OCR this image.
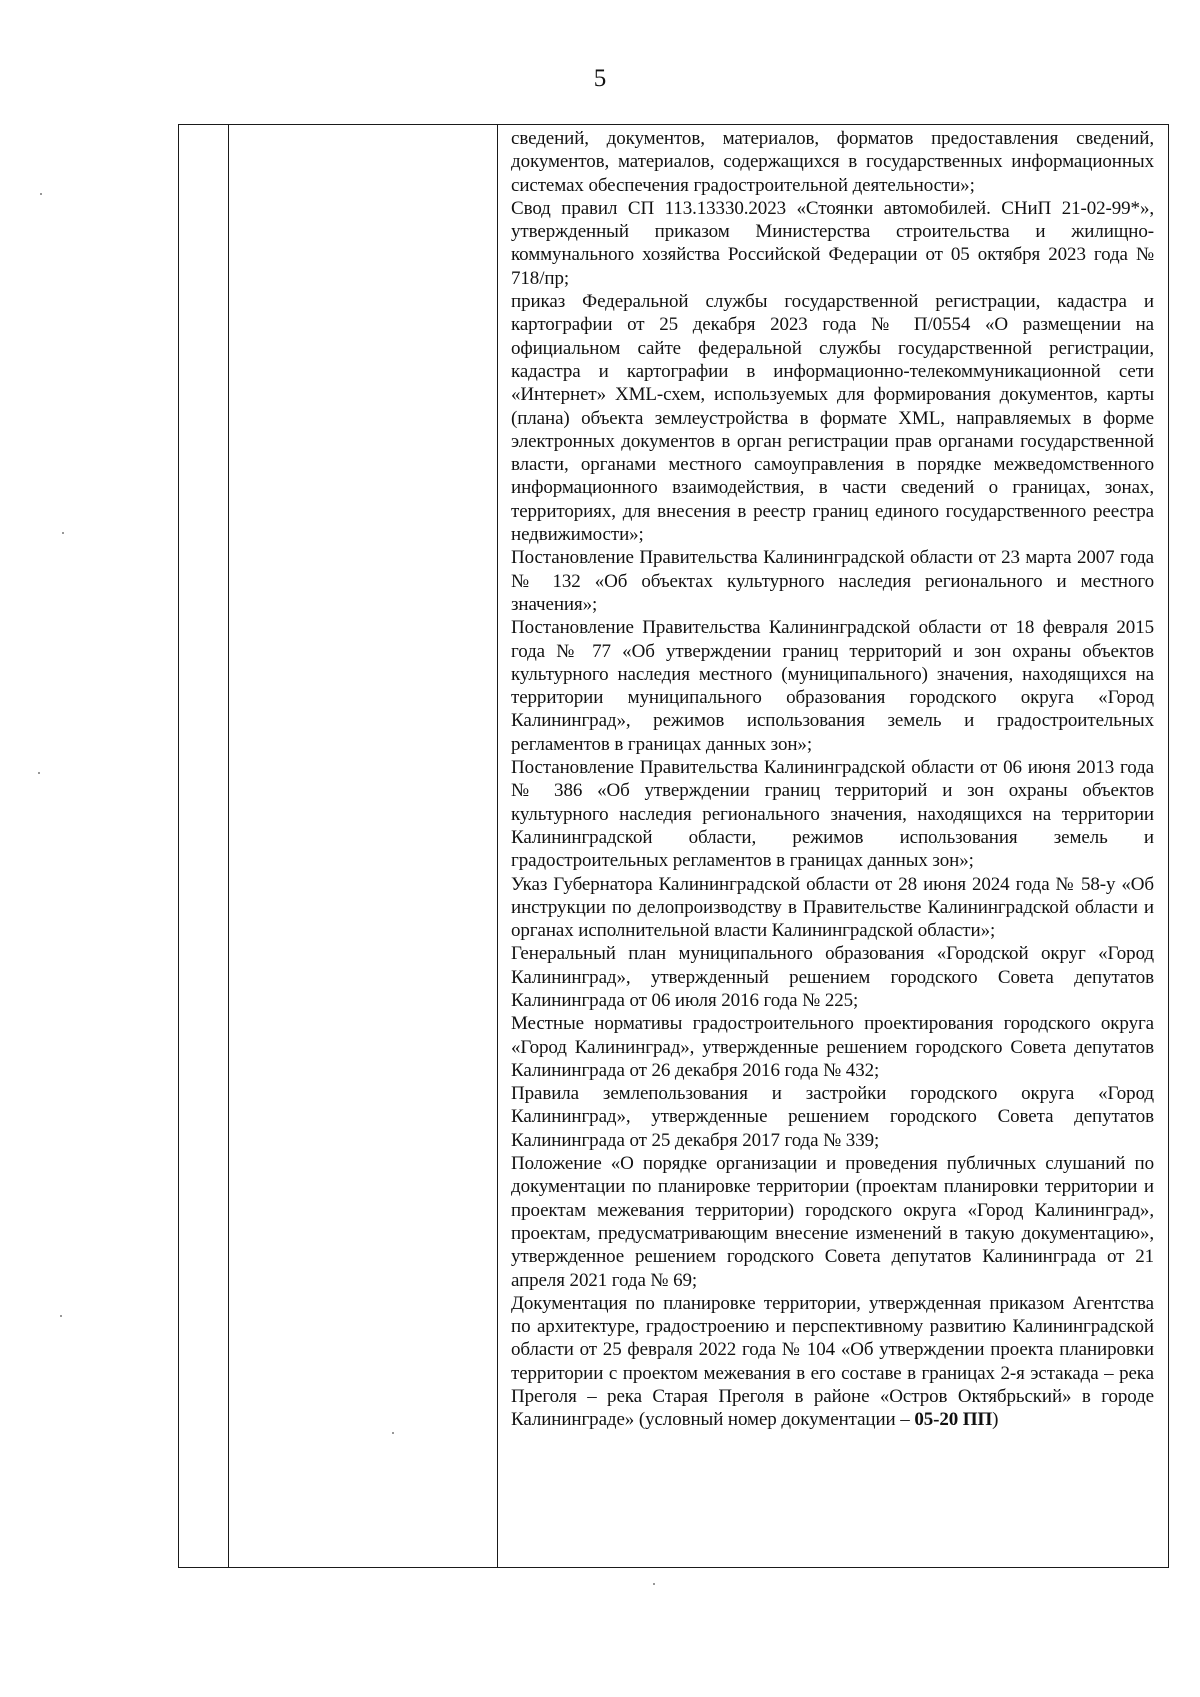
5

сведений, документов, материалов, форматов предоставления сведений, документов, материалов, содержащихся в государственных информационных системах обеспечения градостроительной деятельности»;

Свод правил СП 113.13330.2023 «Стоянки автомобилей. СНиП 21-02-99*», утвержденный приказом Министерства строительства и жилищно-коммунального хозяйства Российской Федерации от 05 октября 2023 года № 718/пр;

приказ Федеральной службы государственной регистрации, кадастра и картографии от 25 декабря 2023 года № П/0554 «О размещении на официальном сайте федеральной службы государственной регистрации, кадастра и картографии в информационно-телекоммуникационной сети «Интернет» XML-схем, используемых для формирования документов, карты (плана) объекта землеустройства в формате XML, направляемых в форме электронных документов в орган регистрации прав органами государственной власти, органами местного самоуправления в порядке межведомственного информационного взаимодействия, в части сведений о границах, зонах, территориях, для внесения в реестр границ единого государственного реестра недвижимости»;

Постановление Правительства Калининградской области от 23 марта 2007 года № 132 «Об объектах культурного наследия регионального и местного значения»;

Постановление Правительства Калининградской области от 18 февраля 2015 года № 77 «Об утверждении границ территорий и зон охраны объектов культурного наследия местного (муниципального) значения, находящихся на территории муниципального образования городского округа «Город Калининград», режимов использования земель и градостроительных регламентов в границах данных зон»;

Постановление Правительства Калининградской области от 06 июня 2013 года № 386 «Об утверждении границ территорий и зон охраны объектов культурного наследия регионального значения, находящихся на территории Калининградской области, режимов использования земель и градостроительных регламентов в границах данных зон»;

Указ Губернатора Калининградской области от 28 июня 2024 года № 58-у «Об инструкции по делопроизводству в Правительстве Калининградской области и органах исполнительной власти Калининградской области»;

Генеральный план муниципального образования «Городской округ «Город Калининград», утвержденный решением городского Совета депутатов Калининграда от 06 июля 2016 года № 225;

Местные нормативы градостроительного проектирования городского округа «Город Калининград», утвержденные решением городского Совета депутатов Калининграда от 26 декабря 2016 года № 432;

Правила землепользования и застройки городского округа «Город Калининград», утвержденные решением городского Совета депутатов Калининграда от 25 декабря 2017 года № 339;

Положение «О порядке организации и проведения публичных слушаний по документации по планировке территории (проектам планировки территории и проектам межевания территории) городского округа «Город Калининград», проектам, предусматривающим внесение изменений в такую документацию», утвержденное решением городского Совета депутатов Калининграда от 21 апреля 2021 года № 69;

Документация по планировке территории, утвержденная приказом Агентства по архитектуре, градостроению и перспективному развитию Калининградской области от 25 февраля 2022 года № 104 «Об утверждении проекта планировки территории с проектом межевания в его составе в границах 2-я эстакада – река Преголя – река Старая Преголя в районе «Остров Октябрьский» в городе Калининграде» (условный номер документации – 05-20 ПП)
